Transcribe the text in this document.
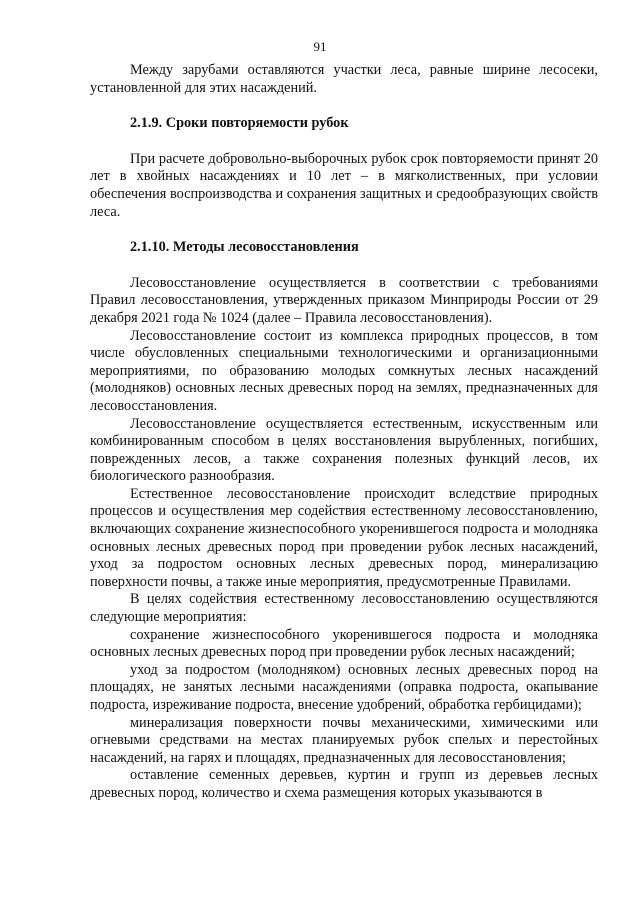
91

Между зарубами оставляются участки леса, равные ширине лесосеки, установленной для этих насаждений.

2.1.9. Сроки повторяемости рубок

При расчете добровольно-выборочных рубок срок повторяемости принят 20 лет в хвойных насаждениях и 10 лет – в мягколиственных, при условии обеспечения воспроизводства и сохранения защитных и средообразующих свойств леса.

2.1.10. Методы лесовосстановления

Лесовосстановление осуществляется в соответствии с требованиями Правил лесовосстановления, утвержденных приказом Минприроды России от 29 декабря 2021 года № 1024 (далее – Правила лесовосстановления).

Лесовосстановление состоит из комплекса природных процессов, в том числе обусловленных специальными технологическими и организационными мероприятиями, по образованию молодых сомкнутых лесных насаждений (молодняков) основных лесных древесных пород на землях, предназначенных для лесовосстановления.

Лесовосстановление осуществляется естественным, искусственным или комбинированным способом в целях восстановления вырубленных, погибших, поврежденных лесов, а также сохранения полезных функций лесов, их биологического разнообразия.

Естественное лесовосстановление происходит вследствие природных процессов и осуществления мер содействия естественному лесовосстановлению, включающих сохранение жизнеспособного укоренившегося подроста и молодняка основных лесных древесных пород при проведении рубок лесных насаждений, уход за подростом основных лесных древесных пород, минерализацию поверхности почвы, а также иные мероприятия, предусмотренные Правилами.

В целях содействия естественному лесовосстановлению осуществляются следующие мероприятия:

сохранение жизнеспособного укоренившегося подроста и молодняка основных лесных древесных пород при проведении рубок лесных насаждений;

уход за подростом (молодняком) основных лесных древесных пород на площадях, не занятых лесными насаждениями (оправка подроста, окапывание подроста, изреживание подроста, внесение удобрений, обработка гербицидами);

минерализация поверхности почвы механическими, химическими или огневыми средствами на местах планируемых рубок спелых и перестойных насаждений, на гарях и площадях, предназначенных для лесовосстановления;

оставление семенных деревьев, куртин и групп из деревьев лесных древесных пород, количество и схема размещения которых указываются в
